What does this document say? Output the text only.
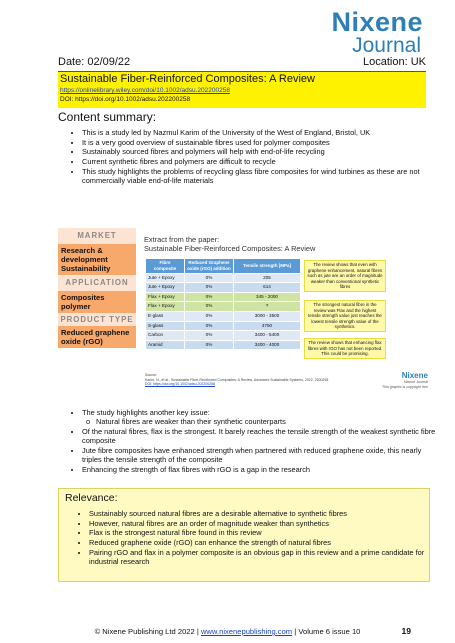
Nixene
Journal
Date: 02/09/22	Location: UK
Sustainable Fiber-Reinforced Composites: A Review
https://onlinelibrary.wiley.com/doi/10.1002/adsu.202200258
DOI: https://doi.org/10.1002/adsu.202200258
Content summary:
• This is a study led by Nazmul Karim of the University of the West of England, Bristol, UK
• It is a very good overview of sustainable fibres used for polymer composites
• Sustainably sourced fibres and polymers will help with end-of-life recycling
• Current synthetic fibres and polymers are difficult to recycle
• This study highlights the problems of recycling glass fibre composites for wind turbines as these are not commercially viable end-of-life materials
MARKET
Research & development Sustainability
APPLICATION
Composites polymer
PRODUCT TYPE
Reduced graphene oxide (rGO)
Extract from the paper:
Sustainable Fiber-Reinforced Composites: A Review
Fibre composite	Reduced Graphene oxide (rGO) addition	Tensile strength [MPa]
Jute + Epoxy	0%	205
Jute + Epoxy	0%	614
Flax + Epoxy	0%	345 - 2000
Flax + Epoxy	0%	?
E-glass	0%	3000 - 3500
S-glass	0%	4750
Carbon	0%	3400 - 5400
Aramid	0%	3400 - 4000
The review shows that even with graphene enhancement, natural fibres such as jute are an order of magnitude weaker than conventional synthetic fibres
The strongest natural fibre in the review was Flax and the highest tensile strength value just reaches the lowest tensile strength value of the synthetics.
The review shows that enhancing flax fibres with rGO has not been reported. This could be promising.
Source:
Karim, N., et al., Sustainable Fiber-Reinforced Composites: A Review, Advanced Sustainable Systems, 2022, 2200258
DOI: https://doi.org/10.1002/adsu.202200258
Nixene
Nixene Journal
This graphic is copyright free
• The study highlights another key issue:
o Natural fibres are weaker than their synthetic counterparts
• Of the natural fibres, flax is the strongest. It barely reaches the tensile strength of the weakest synthetic fibre composite
• Jute fibre composites have enhanced strength when partnered with reduced graphene oxide, this nearly triples the tensile strength of the composite
• Enhancing the strength of flax fibres with rGO is a gap in the research
Relevance:
• Sustainably sourced natural fibres are a desirable alternative to synthetic fibres
• However, natural fibres are an order of magnitude weaker than synthetics
• Flax is the strongest natural fibre found in this review
• Reduced graphene oxide (rGO) can enhance the strength of natural fibres
• Pairing rGO and flax in a polymer composite is an obvious gap in this review and a prime candidate for industrial research
© Nixene Publishing Ltd 2022 | www.nixenepublishing.com | Volume 6 issue 10	19
